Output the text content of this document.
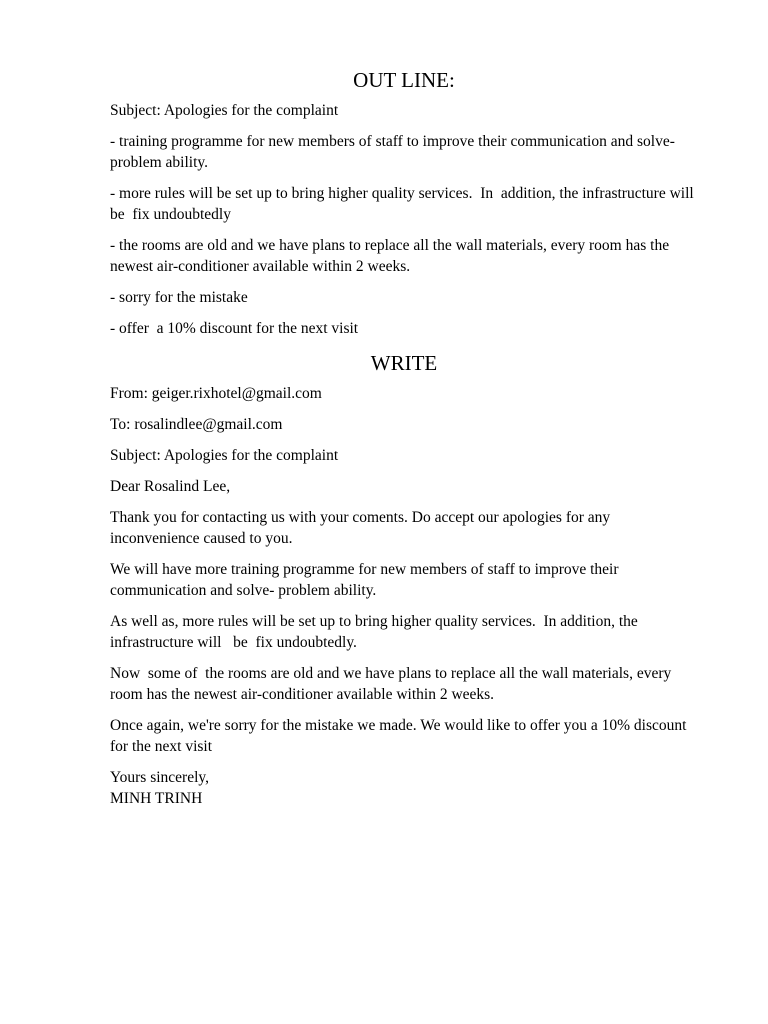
OUT LINE:

Subject: Apologies for the complaint

- training programme for new members of staff to improve their communication and solve- problem ability.

- more rules will be set up to bring higher quality services.  In  addition, the infrastructure will   be  fix undoubtedly

- the rooms are old and we have plans to replace all the wall materials, every room has the newest air-conditioner available within 2 weeks.

- sorry for the mistake

- offer  a 10% discount for the next visit

WRITE

From: geiger.rixhotel@gmail.com

To: rosalindlee@gmail.com

Subject: Apologies for the complaint

Dear Rosalind Lee,

Thank you for contacting us with your coments. Do accept our apologies for any inconvenience caused to you.

We will have more training programme for new members of staff to improve their communication and solve- problem ability.

As well as, more rules will be set up to bring higher quality services.  In addition, the   infrastructure will   be  fix undoubtedly.

Now  some of  the rooms are old and we have plans to replace all the wall materials, every room has the newest air-conditioner available within 2 weeks.

Once again, we're sorry for the mistake we made. We would like to offer you a 10% discount for the next visit

Yours sincerely,

MINH TRINH
